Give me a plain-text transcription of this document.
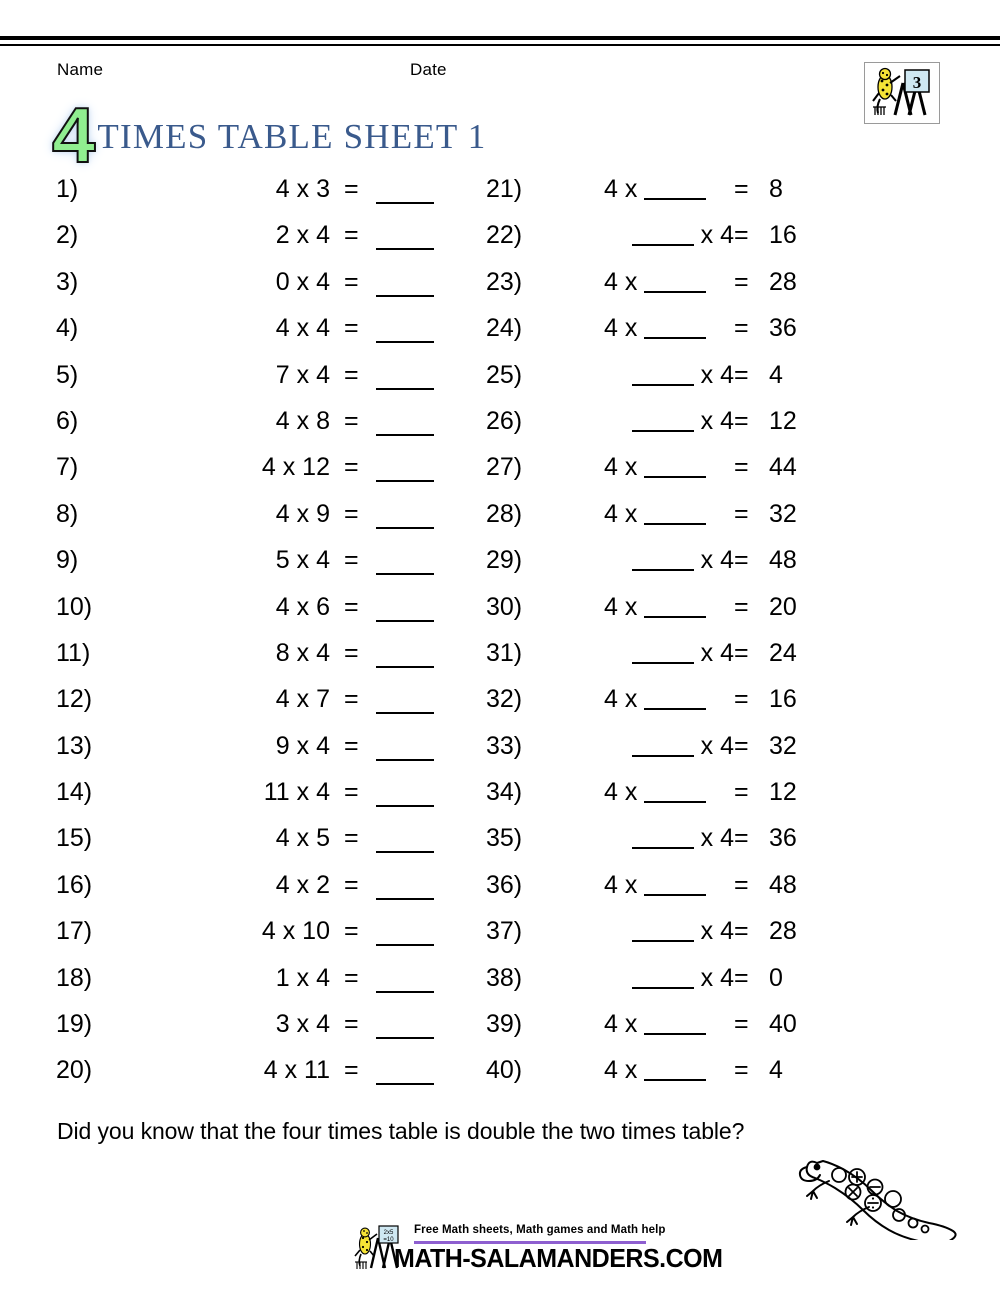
Name	Date
4 TIMES TABLE SHEET 1
3
1)	4 x 3 =
2)	2 x 4 =
3)	0 x 4 =
4)	4 x 4 =
5)	7 x 4 =
6)	4 x 8 =
7)	4 x 12 =
8)	4 x 9 =
9)	5 x 4 =
10)	4 x 6 =
11)	8 x 4 =
12)	4 x 7 =
13)	9 x 4 =
14)	11 x 4 =
15)	4 x 5 =
16)	4 x 2 =
17)	4 x 10 =
18)	1 x 4 =
19)	3 x 4 =
20)	4 x 11 =
21)	4 x	= 8
22)	x 4 = 16
23)	4 x	= 28
24)	4 x	= 36
25)	x 4 = 4
26)	x 4 = 12
27)	4 x	= 44
28)	4 x	= 32
29)	x 4 = 48
30)	4 x	= 20
31)	x 4 = 24
32)	4 x	= 16
33)	x 4 = 32
34)	4 x	= 12
35)	x 4 = 36
36)	4 x	= 48
37)	x 4 = 28
38)	x 4 = 0
39)	4 x	= 40
40)	4 x	= 4
Did you know that the four times table is double the two times table?
2x5
=10
Free Math sheets, Math games and Math help
MATH-SALAMANDERS.COM
